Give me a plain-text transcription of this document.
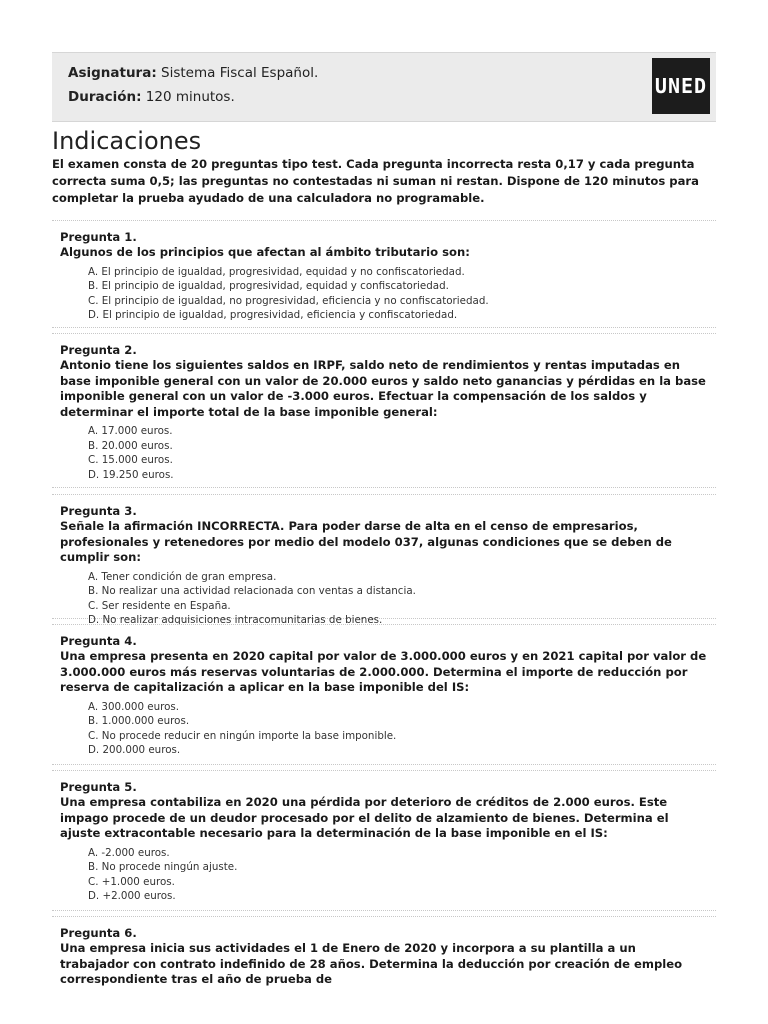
Asignatura: Sistema Fiscal Español.
Duración: 120 minutos.	UNED
Indicaciones
El examen consta de 20 preguntas tipo test. Cada pregunta incorrecta resta 0,17 y cada pregunta correcta suma 0,5; las preguntas no contestadas ni suman ni restan. Dispone de 120 minutos para completar la prueba ayudado de una calculadora no programable.
Pregunta 1.
Algunos de los principios que afectan al ámbito tributario son:
A. El principio de igualdad, progresividad, equidad y no confiscatoriedad.
B. El principio de igualdad, progresividad, equidad y confiscatoriedad.
C. El principio de igualdad, no progresividad, eficiencia y no confiscatoriedad.
D. El principio de igualdad, progresividad, eficiencia y confiscatoriedad.
Pregunta 2.
Antonio tiene los siguientes saldos en IRPF, saldo neto de rendimientos y rentas imputadas en base imponible general con un valor de 20.000 euros y saldo neto ganancias y pérdidas en la base imponible general con un valor de -3.000 euros. Efectuar la compensación de los saldos y determinar el importe total de la base imponible general:
A. 17.000 euros.
B. 20.000 euros.
C. 15.000 euros.
D. 19.250 euros.
Pregunta 3.
Señale la afirmación INCORRECTA. Para poder darse de alta en el censo de empresarios, profesionales y retenedores por medio del modelo 037, algunas condiciones que se deben de cumplir son:
A. Tener condición de gran empresa.
B. No realizar una actividad relacionada con ventas a distancia.
C. Ser residente en España.
D. No realizar adquisiciones intracomunitarias de bienes.
Pregunta 4.
Una empresa presenta en 2020 capital por valor de 3.000.000 euros y en 2021 capital por valor de 3.000.000 euros más reservas voluntarias de 2.000.000. Determina el importe de reducción por reserva de capitalización a aplicar en la base imponible del IS:
A. 300.000 euros.
B. 1.000.000 euros.
C. No procede reducir en ningún importe la base imponible.
D. 200.000 euros.
Pregunta 5.
Una empresa contabiliza en 2020 una pérdida por deterioro de créditos de 2.000 euros. Este impago procede de un deudor procesado por el delito de alzamiento de bienes. Determina el ajuste extracontable necesario para la determinación de la base imponible en el IS:
A. -2.000 euros.
B. No procede ningún ajuste.
C. +1.000 euros.
D. +2.000 euros.
Pregunta 6.
Una empresa inicia sus actividades el 1 de Enero de 2020 y incorpora a su plantilla a un trabajador con contrato indefinido de 28 años. Determina la deducción por creación de empleo correspondiente tras el año de prueba de
